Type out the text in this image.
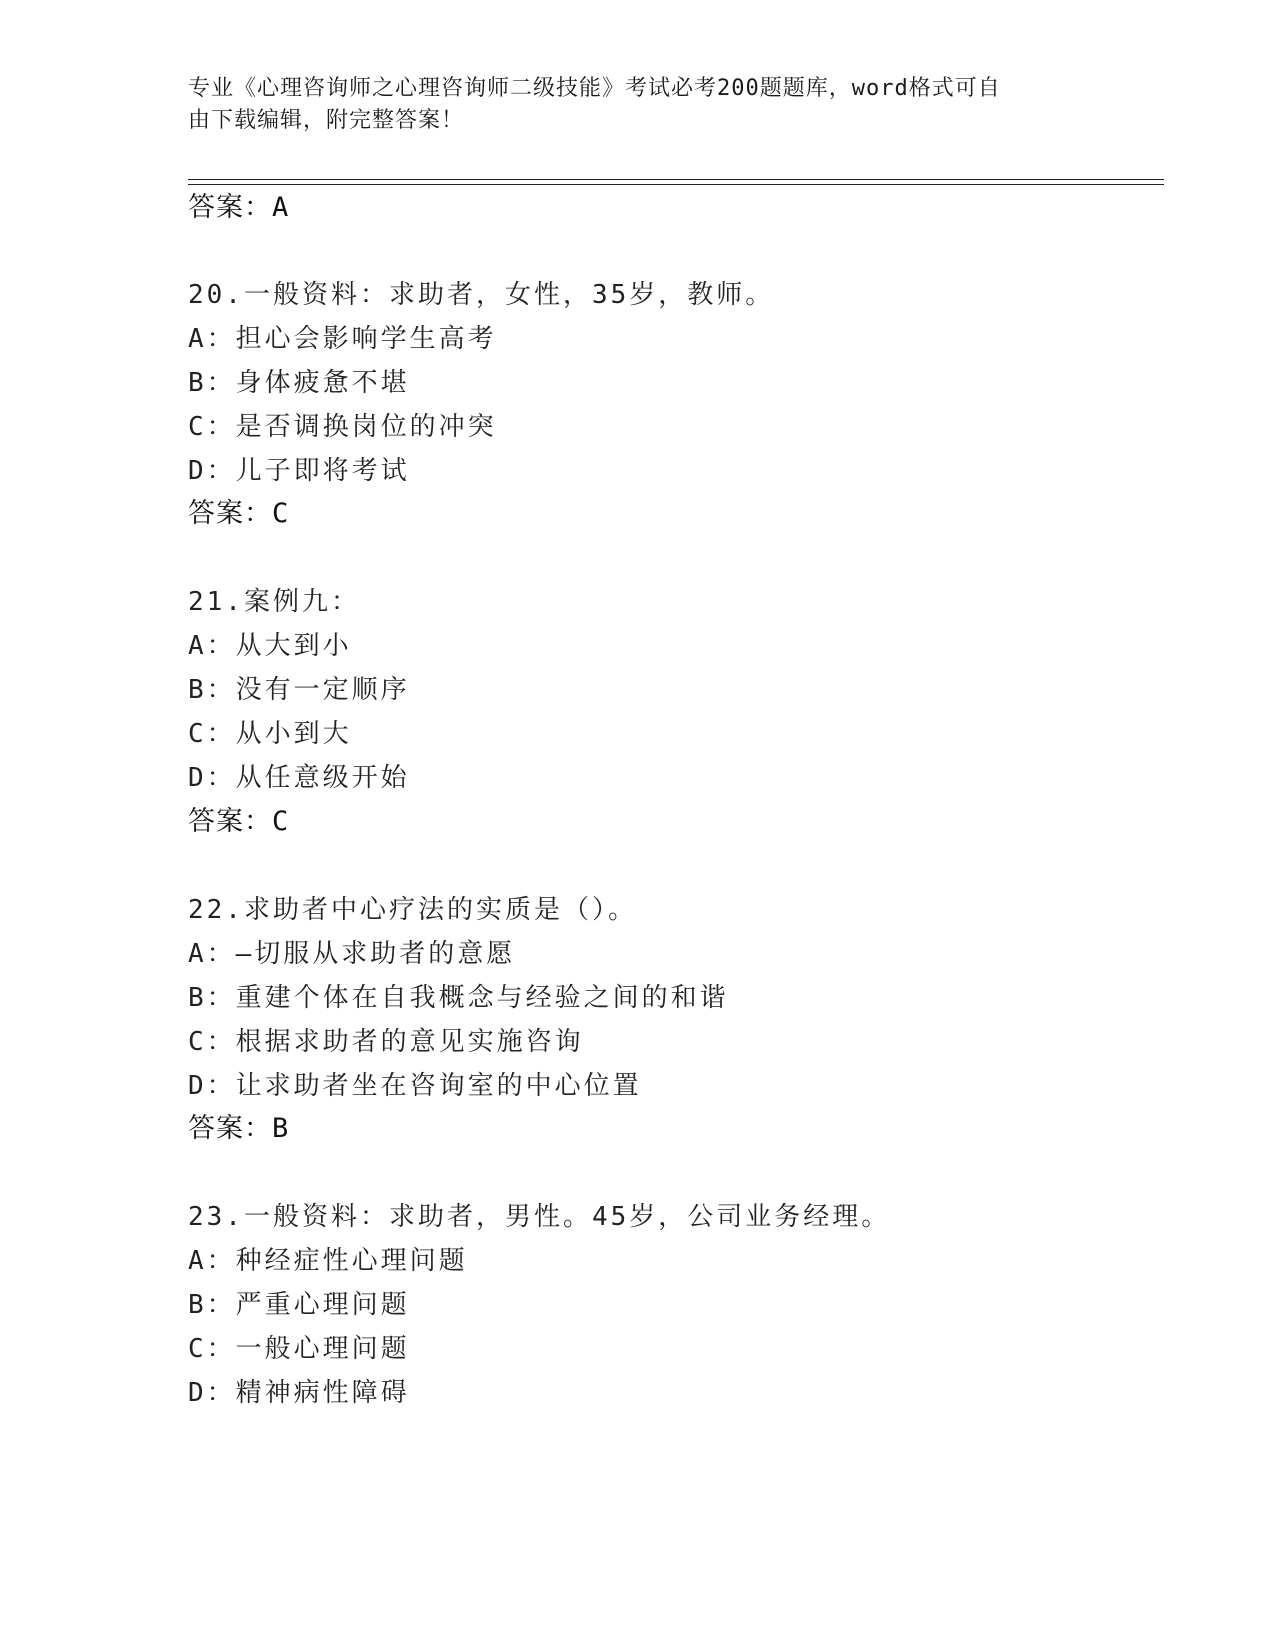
专业《心理咨询师之心理咨询师二级技能》考试必考200题题库，word格式可自
由下载编辑，附完整答案！
答案：A
20.一般资料：求助者，女性，35岁，教师。
A：担心会影响学生高考
B：身体疲惫不堪
C：是否调换岗位的冲突
D：儿子即将考试
答案：C
21.案例九：
A：从大到小
B：没有一定顺序
C：从小到大
D：从任意级开始
答案：C
22.求助者中心疗法的实质是（）。
A：—切服从求助者的意愿
B：重建个体在自我概念与经验之间的和谐
C：根据求助者的意见实施咨询
D：让求助者坐在咨询室的中心位置
答案：B
23.一般资料：求助者，男性。45岁，公司业务经理。
A：种经症性心理问题
B：严重心理问题
C：一般心理问题
D：精神病性障碍
